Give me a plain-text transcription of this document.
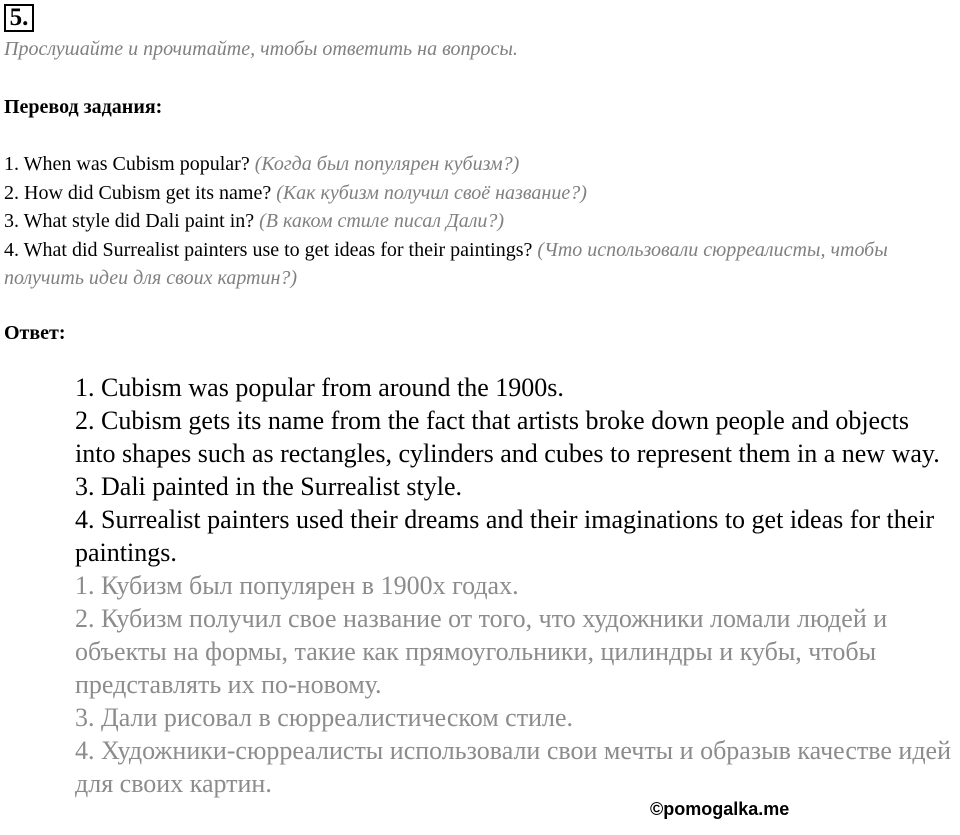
5.
Прослушайте и прочитайте, чтобы ответить на вопросы.
Перевод задания:

1. When was Cubism popular? (Когда был популярен кубизм?)

2. How did Cubism get its name? (Как кубизм получил своё название?)

3. What style did Dali paint in? (В каком стиле писал Дали?)

4. What did Surrealist painters use to get ideas for their paintings? (Что использовали сюрреалисты, чтобы получить идеи для своих картин?)

Ответ:

1. Cubism was popular from around the 1900s.

2. Cubism gets its name from the fact that artists broke down people and objects into shapes such as rectangles, cylinders and cubes to represent them in a new way.

3. Dali painted in the Surrealist style.

4. Surrealist painters used their dreams and their imaginations to get ideas for their paintings.

1. Кубизм был популярен в 1900х годах.

2. Кубизм получил свое название от того, что художники ломали людей и объекты на формы, такие как прямоугольники, цилиндры и кубы, чтобы представлять их по-новому.

3. Дали рисовал в сюрреалистическом стиле.

4. Художники-сюрреалисты использовали свои мечты и образыв качестве идей для своих картин.

©pomogalka.me
